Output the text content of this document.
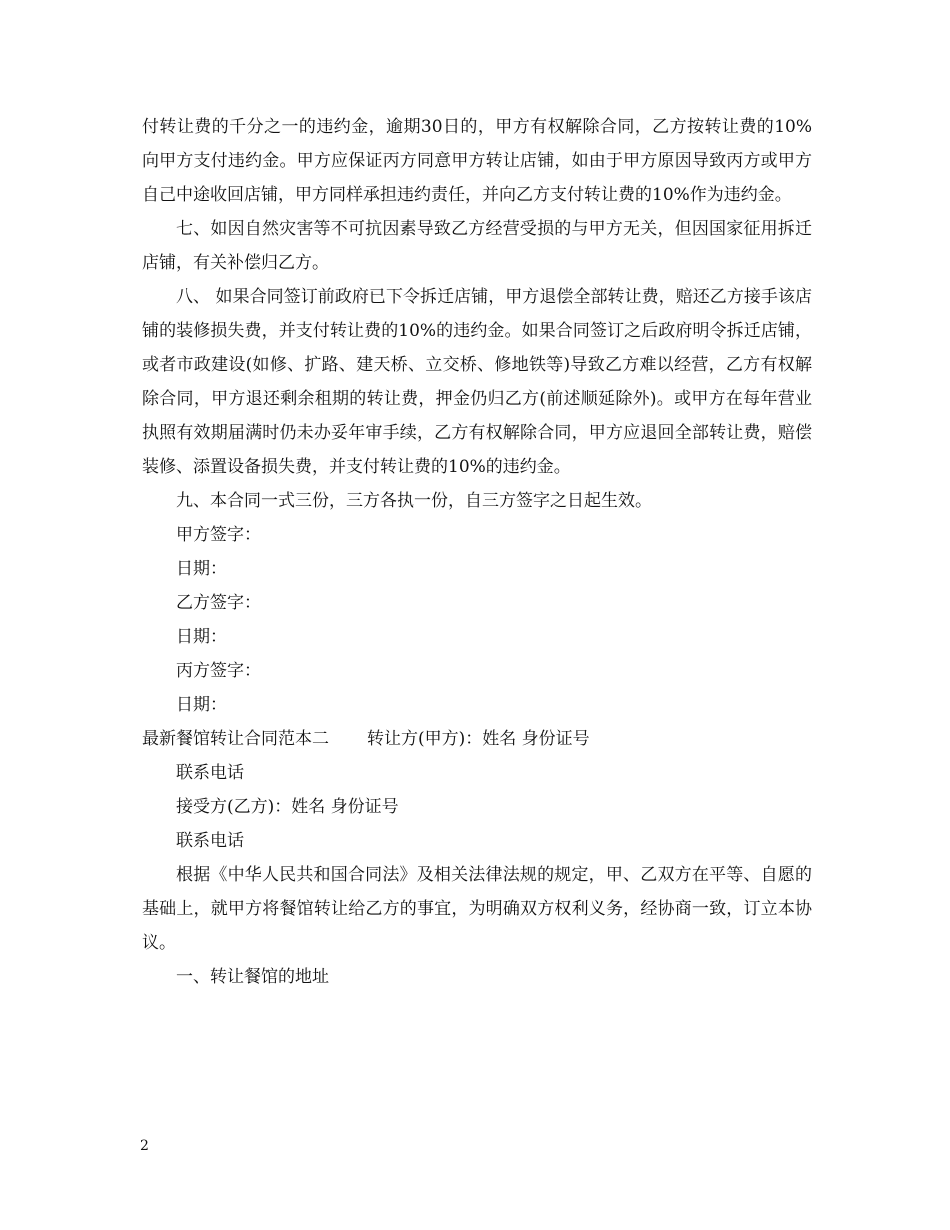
付转让费的千分之一的违约金，逾期30日的，甲方有权解除合同，乙方按转让费的10%向甲方支付违约金。甲方应保证丙方同意甲方转让店铺，如由于甲方原因导致丙方或甲方自己中途收回店铺，甲方同样承担违约责任，并向乙方支付转让费的10%作为违约金。

七、如因自然灾害等不可抗因素导致乙方经营受损的与甲方无关，但因国家征用拆迁店铺，有关补偿归乙方。

八、 如果合同签订前政府已下令拆迁店铺，甲方退偿全部转让费，赔还乙方接手该店铺的装修损失费，并支付转让费的10%的违约金。如果合同签订之后政府明令拆迁店铺，或者市政建设(如修、扩路、建天桥、立交桥、修地铁等)导致乙方难以经营，乙方有权解除合同，甲方退还剩余租期的转让费，押金仍归乙方(前述顺延除外)。或甲方在每年营业执照有效期届满时仍未办妥年审手续，乙方有权解除合同，甲方应退回全部转让费，赔偿装修、添置设备损失费，并支付转让费的10%的违约金。

九、本合同一式三份，三方各执一份，自三方签字之日起生效。

甲方签字：
日期：
乙方签字：
日期：
丙方签字：
日期：
最新餐馆转让合同范本二 转让方(甲方)：姓名 身份证号
联系电话
接受方(乙方)：姓名 身份证号
联系电话

根据《中华人民共和国合同法》及相关法律法规的规定，甲、乙双方在平等、自愿的基础上，就甲方将餐馆转让给乙方的事宜，为明确双方权利义务，经协商一致，订立本协议。

一、转让餐馆的地址
2
